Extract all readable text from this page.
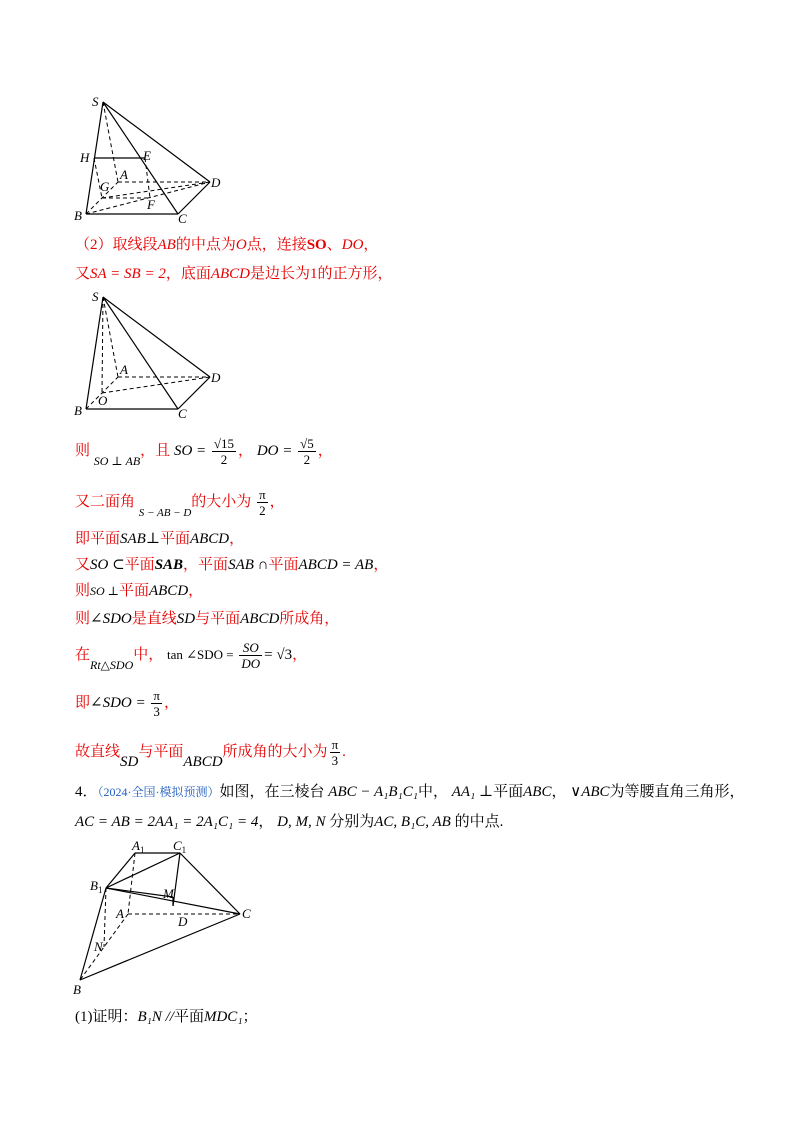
S
H	E
G
A
D
B
F
C
（2）取线段AB的中点为O点，连接SO、DO，
又SA = SB = 2，底面ABCD是边长为1的正方形，
S
A
D
B
O
C
则 $_{SO \perp AB}$，且 SO = $\frac{√15}{2}$ ， DO = $\frac{√5}{2}$ ，
又二面角 $_{S - AB - D}$的大小为 $\frac{\pi}{2}$ ，
即平面SAB⊥平面ABCD，
又SO ⊂平面SAB，平面SAB ∩平面ABCD = AB，
则SO ⊥平面ABCD，
则∠SDO是直线SD与平面ABCD所成角，
在$_{Rt\triangle SDO}$中， tan ∠SDO = $\frac{SO}{DO} = √3$，
即∠SDO = $\frac{\pi}{3}$ ，
故直线SD与平面ABCD所成角的大小为 $\frac{\pi}{3}$ .
4．（2024·全国·模拟预测）如图，在三棱台 ABC − A₁B₁C₁中， AA₁ ⊥平面ABC， ∨ABC为等腰直角三角形，
AC = AB = 2AA₁ = 2A₁C₁ = 4， D, M, N 分别为AC, B₁C, AB 的中点.
$A_1$ $C_1$
$B_1$	M
A
D
C
N
B
(1)证明：B₁N //平面MDC₁；
